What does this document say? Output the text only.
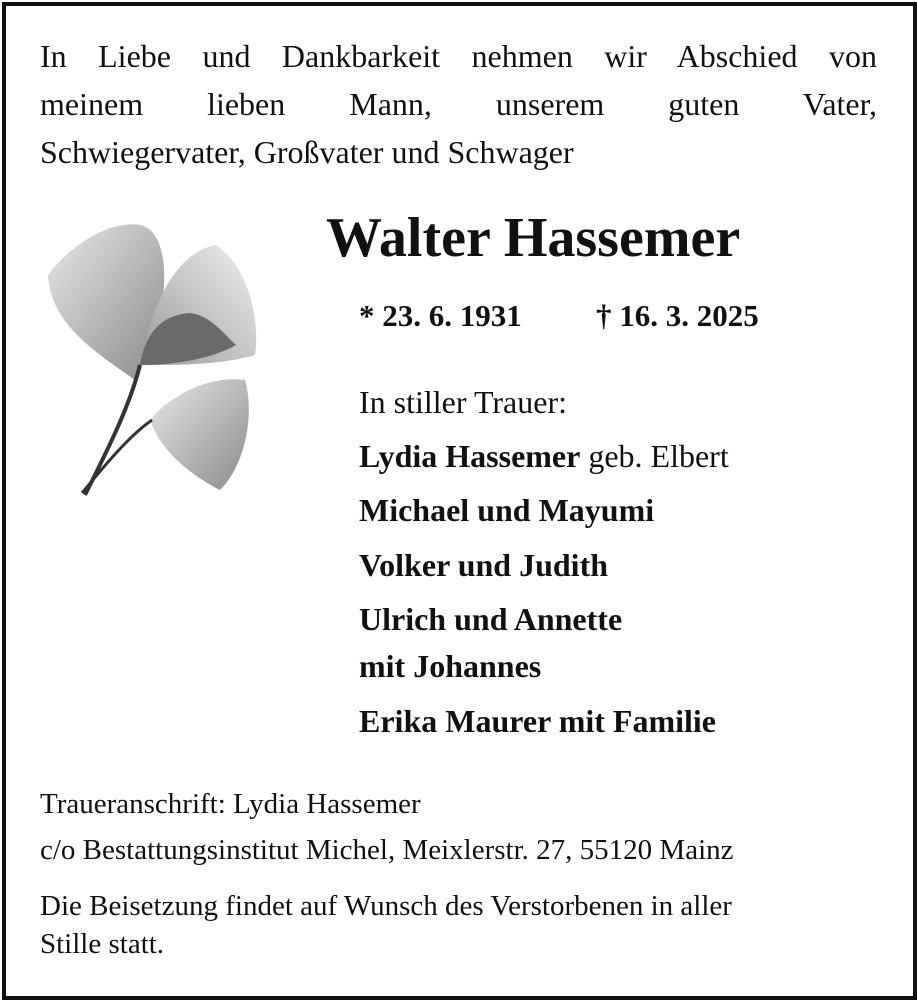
In Liebe und Dankbarkeit nehmen wir Abschied von
meinem lieben Mann, unserem guten Vater,
Schwiegervater, Großvater und Schwager
Walter Hassemer
* 23. 6. 1931 † 16. 3. 2025
In stiller Trauer:
Lydia Hassemer geb. Elbert
Michael und Mayumi
Volker und Judith
Ulrich und Annette
mit Johannes
Erika Maurer mit Familie
Traueranschrift: Lydia Hassemer
c/o Bestattungsinstitut Michel, Meixlerstr. 27, 55120 Mainz
Die Beisetzung findet auf Wunsch des Verstorbenen in aller
Stille statt.
